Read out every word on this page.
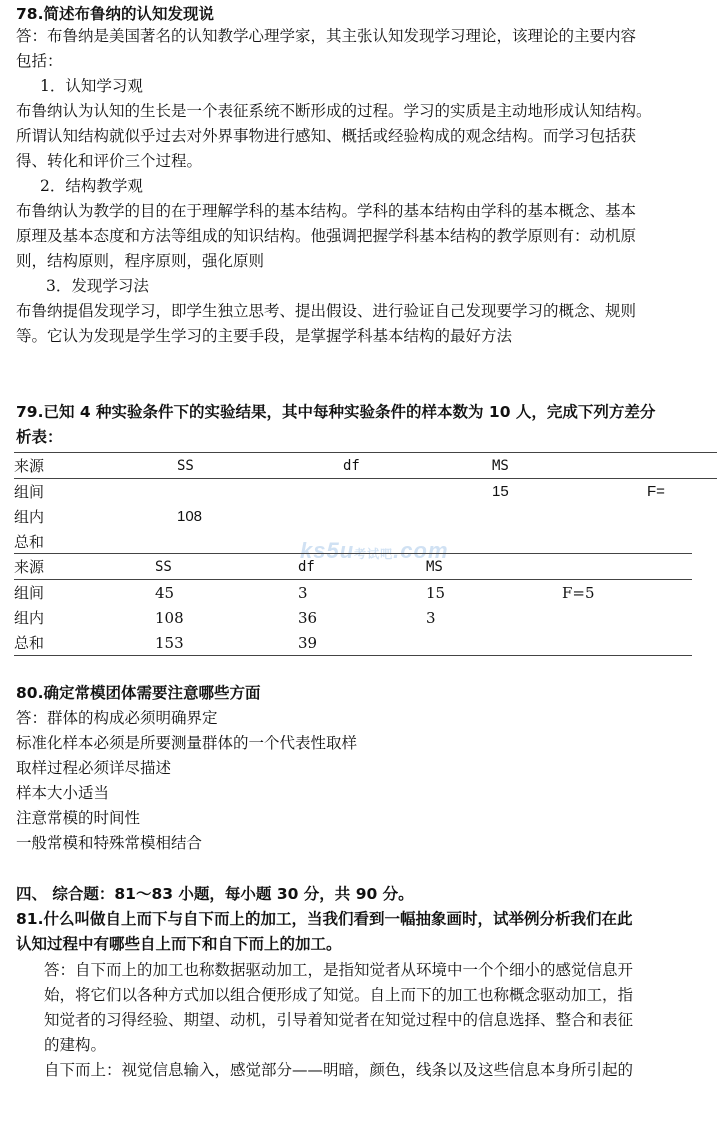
78.简述布鲁纳的认知发现说
答：布鲁纳是美国著名的认知教学心理学家，其主张认知发现学习理论，该理论的主要内容
包括：
1．认知学习观
布鲁纳认为认知的生长是一个表征系统不断形成的过程。学习的实质是主动地形成认知结构。
所谓认知结构就似乎过去对外界事物进行感知、概括或经验构成的观念结构。而学习包括获
得、转化和评价三个过程。
2．结构教学观
布鲁纳认为教学的目的在于理解学科的基本结构。学科的基本结构由学科的基本概念、基本
原理及基本态度和方法等组成的知识结构。他强调把握学科基本结构的教学原则有：动机原
则，结构原则，程序原则，强化原则
3．发现学习法
布鲁纳提倡发现学习，即学生独立思考、提出假设、进行验证自己发现要学习的概念、规则
等。它认为发现是学生学习的主要手段，是掌握学科基本结构的最好方法
79.已知 4 种实验条件下的实验结果，其中每种实验条件的样本数为 10 人，完成下列方差分
析表：
来源	SS	df	MS	
组间			15	F=
组内	108			
总和					ks5u考试吧.com
来源	SS	df	MS	
组间	45	3	15	F=5
组内	108	36	3	
总和	153	39		
80.确定常模团体需要注意哪些方面
答：群体的构成必须明确界定
标准化样本必须是所要测量群体的一个代表性取样
取样过程必须详尽描述
样本大小适当
注意常模的时间性
一般常模和特殊常模相结合
四、 综合题：81～83 小题，每小题 30 分，共 90 分。
81.什么叫做自上而下与自下而上的加工，当我们看到一幅抽象画时，试举例分析我们在此
认知过程中有哪些自上而下和自下而上的加工。
答：自下而上的加工也称数据驱动加工，是指知觉者从环境中一个个细小的感觉信息开
始，将它们以各种方式加以组合便形成了知觉。自上而下的加工也称概念驱动加工，指
知觉者的习得经验、期望、动机，引导着知觉者在知觉过程中的信息选择、整合和表征
的建构。
自下而上：视觉信息输入，感觉部分——明暗，颜色，线条以及这些信息本身所引起的
